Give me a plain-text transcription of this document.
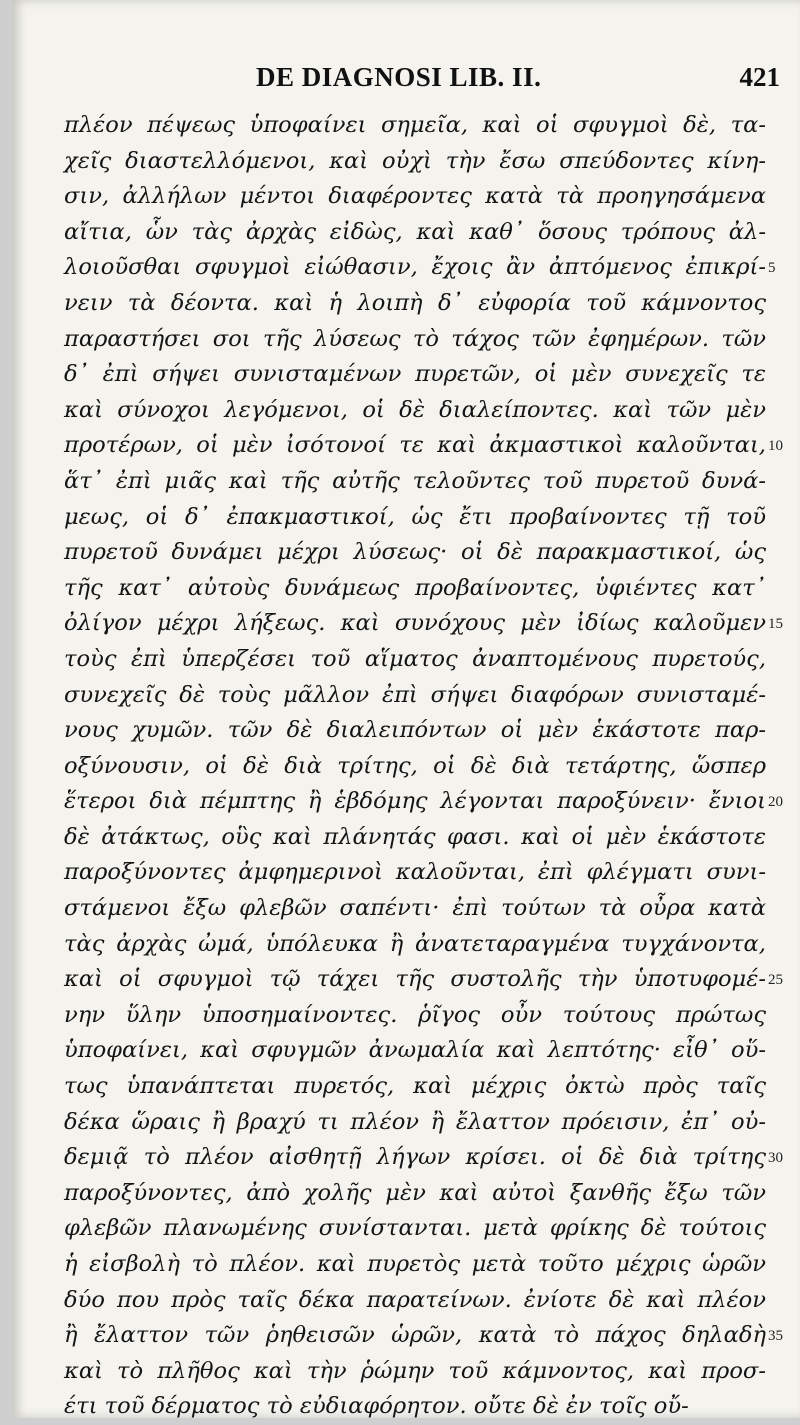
DE DIAGNOSI LIB. II.	421
πλέον πέψεως ὑποφαίνει σημεῖα, καὶ οἱ σφυγμοὶ δὲ, τα-
χεῖς διαστελλόμενοι, καὶ οὐχὶ τὴν ἔσω σπεύδοντες κίνη-
σιν, ἀλλήλων μέντοι διαφέροντες κατὰ τὰ προηγησάμενα
αἴτια, ὧν τὰς ἀρχὰς εἰδὼς, καὶ καθ᾽ ὅσους τρόπους ἀλ-
λοιοῦσθαι σφυγμοὶ εἰώθασιν, ἔχοις ἂν ἀπτόμενος ἐπικρί-
νειν τὰ δέοντα. καὶ ἡ λοιπὴ δ᾽ εὐφορία τοῦ κάμνοντος
παραστήσει σοι τῆς λύσεως τὸ τάχος τῶν ἐφημέρων. τῶν
δ᾽ ἐπὶ σήψει συνισταμένων πυρετῶν, οἱ μὲν συνεχεῖς τε
καὶ σύνοχοι λεγόμενοι, οἱ δὲ διαλείποντες. καὶ τῶν μὲν
προτέρων, οἱ μὲν ἰσότονοί τε καὶ ἀκμαστικοὶ καλοῦνται,
ἅτ᾽ ἐπὶ μιᾶς καὶ τῆς αὐτῆς τελοῦντες τοῦ πυρετοῦ δυνά-
μεως, οἱ δ᾽ ἐπακμαστικοί, ὡς ἔτι προβαίνοντες τῇ τοῦ
πυρετοῦ δυνάμει μέχρι λύσεως· οἱ δὲ παρακμαστικοί, ὡς
τῆς κατ᾽ αὐτοὺς δυνάμεως προβαίνοντες, ὑφιέντες κατ᾽
ὀλίγον μέχρι λήξεως. καὶ συνόχους μὲν ἰδίως καλοῦμεν
τοὺς ἐπὶ ὑπερζέσει τοῦ αἵματος ἀναπτομένους πυρετούς,
συνεχεῖς δὲ τοὺς μᾶλλον ἐπὶ σήψει διαφόρων συνισταμέ-
νους χυμῶν. τῶν δὲ διαλειπόντων οἱ μὲν ἑκάστοτε παρ-
οξύνουσιν, οἱ δὲ διὰ τρίτης, οἱ δὲ διὰ τετάρτης, ὥσπερ
ἕτεροι διὰ πέμπτης ἢ ἑβδόμης λέγονται παροξύνειν· ἔνιοι
δὲ ἀτάκτως, οὓς καὶ πλάνητάς φασι. καὶ οἱ μὲν ἑκάστοτε
παροξύνοντες ἀμφημερινοὶ καλοῦνται, ἐπὶ φλέγματι συνι-
στάμενοι ἔξω φλεβῶν σαπέντι· ἐπὶ τούτων τὰ οὖρα κατὰ
τὰς ἀρχὰς ὠμά, ὑπόλευκα ἢ ἀνατεταραγμένα τυγχάνοντα,
καὶ οἱ σφυγμοὶ τῷ τάχει τῆς συστολῆς τὴν ὑποτυφομέ-
νην ὕλην ὑποσημαίνοντες. ῥῖγος οὖν τούτους πρώτως
ὑποφαίνει, καὶ σφυγμῶν ἀνωμαλία καὶ λεπτότης· εἶθ᾽ οὕ-
τως ὑπανάπτεται πυρετός, καὶ μέχρις ὀκτὼ πρὸς ταῖς
δέκα ὥραις ἢ βραχύ τι πλέον ἢ ἔλαττον πρόεισιν, ἐπ᾽ οὐ-
δεμιᾷ τὸ πλέον αἰσθητῇ λήγων κρίσει. οἱ δὲ διὰ τρίτης
παροξύνοντες, ἀπὸ χολῆς μὲν καὶ αὐτοὶ ξανθῆς ἔξω τῶν
φλεβῶν πλανωμένης συνίστανται. μετὰ φρίκης δὲ τούτοις
ἡ εἰσβολὴ τὸ πλέον. καὶ πυρετὸς μετὰ τοῦτο μέχρις ὡρῶν
δύο που πρὸς ταῖς δέκα παρατείνων. ἐνίοτε δὲ καὶ πλέον
ἢ ἔλαττον τῶν ῥηθεισῶν ὡρῶν, κατὰ τὸ πάχος δηλαδὴ
καὶ τὸ πλῆθος καὶ τὴν ῥώμην τοῦ κάμνοντος, καὶ προσ-
έτι τοῦ δέρματος τὸ εὐδιαφόρητον. οὔτε δὲ ἐν τοῖς οὔ-
5
10
15
20
25
30
35
